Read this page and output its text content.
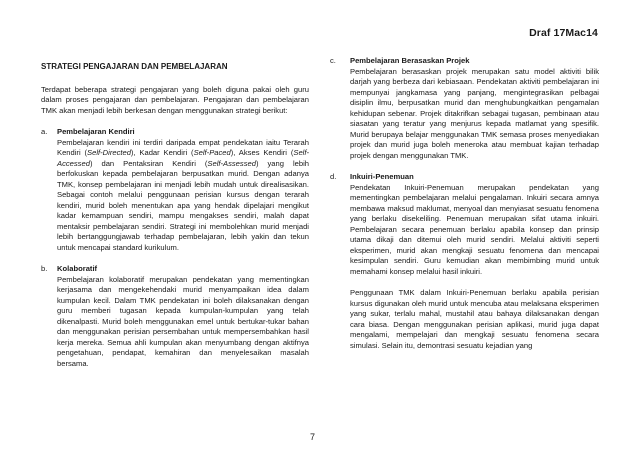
Draf 17Mac14
STRATEGI PENGAJARAN DAN PEMBELAJARAN

Terdapat beberapa strategi pengajaran yang boleh diguna pakai oleh guru dalam proses pengajaran dan pembelajaran. Pengajaran dan pembelajaran TMK akan menjadi lebih berkesan dengan menggunakan strategi berikut:

a.	Pembelajaran Kendiri

Pembelajaran kendiri ini terdiri daripada empat pendekatan iaitu Terarah Kendiri (Self-Directed), Kadar Kendiri (Self-Paced), Akses Kendiri (Self-Accessed) dan Pentaksiran Kendiri (Self-Assessed) yang lebih berfokuskan kepada pembelajaran berpusatkan murid. Dengan adanya TMK, konsep pembelajaran ini menjadi lebih mudah untuk direalisasikan. Sebagai contoh melalui penggunaan perisian kursus dengan terarah kendiri, murid boleh menentukan apa yang hendak dipelajari mengikut kadar kemampuan sendiri, mampu mengakses sendiri, malah dapat mentaksir pembelajaran sendiri. Strategi ini membolehkan murid menjadi lebih bertanggungjawab terhadap pembelajaran, lebih yakin dan tekun untuk mencapai standard kurikulum.

b.	Kolaboratif

Pembelajaran kolaboratif merupakan pendekatan yang mementingkan kerjasama dan mengekehendaki murid menyampaikan idea dalam kumpulan kecil. Dalam TMK pendekatan ini boleh dilaksanakan dengan guru memberi tugasan kepada kumpulan-kumpulan yang telah dikenalpasti. Murid boleh menggunakan emel untuk bertukar-tukar bahan dan menggunakan perisian persembahan untuk mempersembahkan hasil kerja mereka. Semua ahli kumpulan akan menyumbang dengan aktifnya pengetahuan, pendapat, kemahiran dan menyelesaikan masalah bersama.

c.	Pembelajaran Berasaskan Projek

Pembelajaran berasaskan projek merupakan satu model aktiviti bilik darjah yang berbeza dari kebiasaan. Pendekatan aktiviti pembelajaran ini mempunyai jangkamasa yang panjang, mengintegrasikan pelbagai disiplin ilmu, berpusatkan murid dan menghubungkaitkan pengamalan kehidupan sebenar. Projek ditakrifkan sebagai tugasan, pembinaan atau siasatan yang teratur yang menjurus kepada matlamat yang spesifik. Murid berupaya belajar menggunakan TMK semasa proses menyediakan projek dan murid juga boleh meneroka atau membuat kajian terhadap projek dengan menggunakan TMK.

d.	Inkuiri-Penemuan

Pendekatan Inkuiri-Penemuan merupakan pendekatan yang mementingkan pembelajaran melalui pengalaman. Inkuiri secara amnya membawa maksud maklumat, menyoal dan menyiasat sesuatu fenomena yang berlaku disekeliling. Penemuan merupakan sifat utama inkuiri. Pembelajaran secara penemuan berlaku apabila konsep dan prinsip utama dikaji dan ditemui oleh murid sendiri. Melalui aktiviti seperti eksperimen, murid akan mengkaji sesuatu fenomena dan mencapai kesimpulan sendiri. Guru kemudian akan membimbing murid untuk memahami konsep melalui hasil inkuiri.

Penggunaan TMK dalam Inkuiri-Penemuan berlaku apabila perisian kursus digunakan oleh murid untuk mencuba atau melaksana eksperimen yang sukar, terlalu mahal, mustahil atau bahaya dilaksanakan dengan cara biasa. Dengan menggunakan perisian aplikasi, murid juga dapat mengalami, mempelajari dan mengkaji sesuatu fenomena secara simulasi. Selain itu, demontrasi sesuatu kejadian yang

7
